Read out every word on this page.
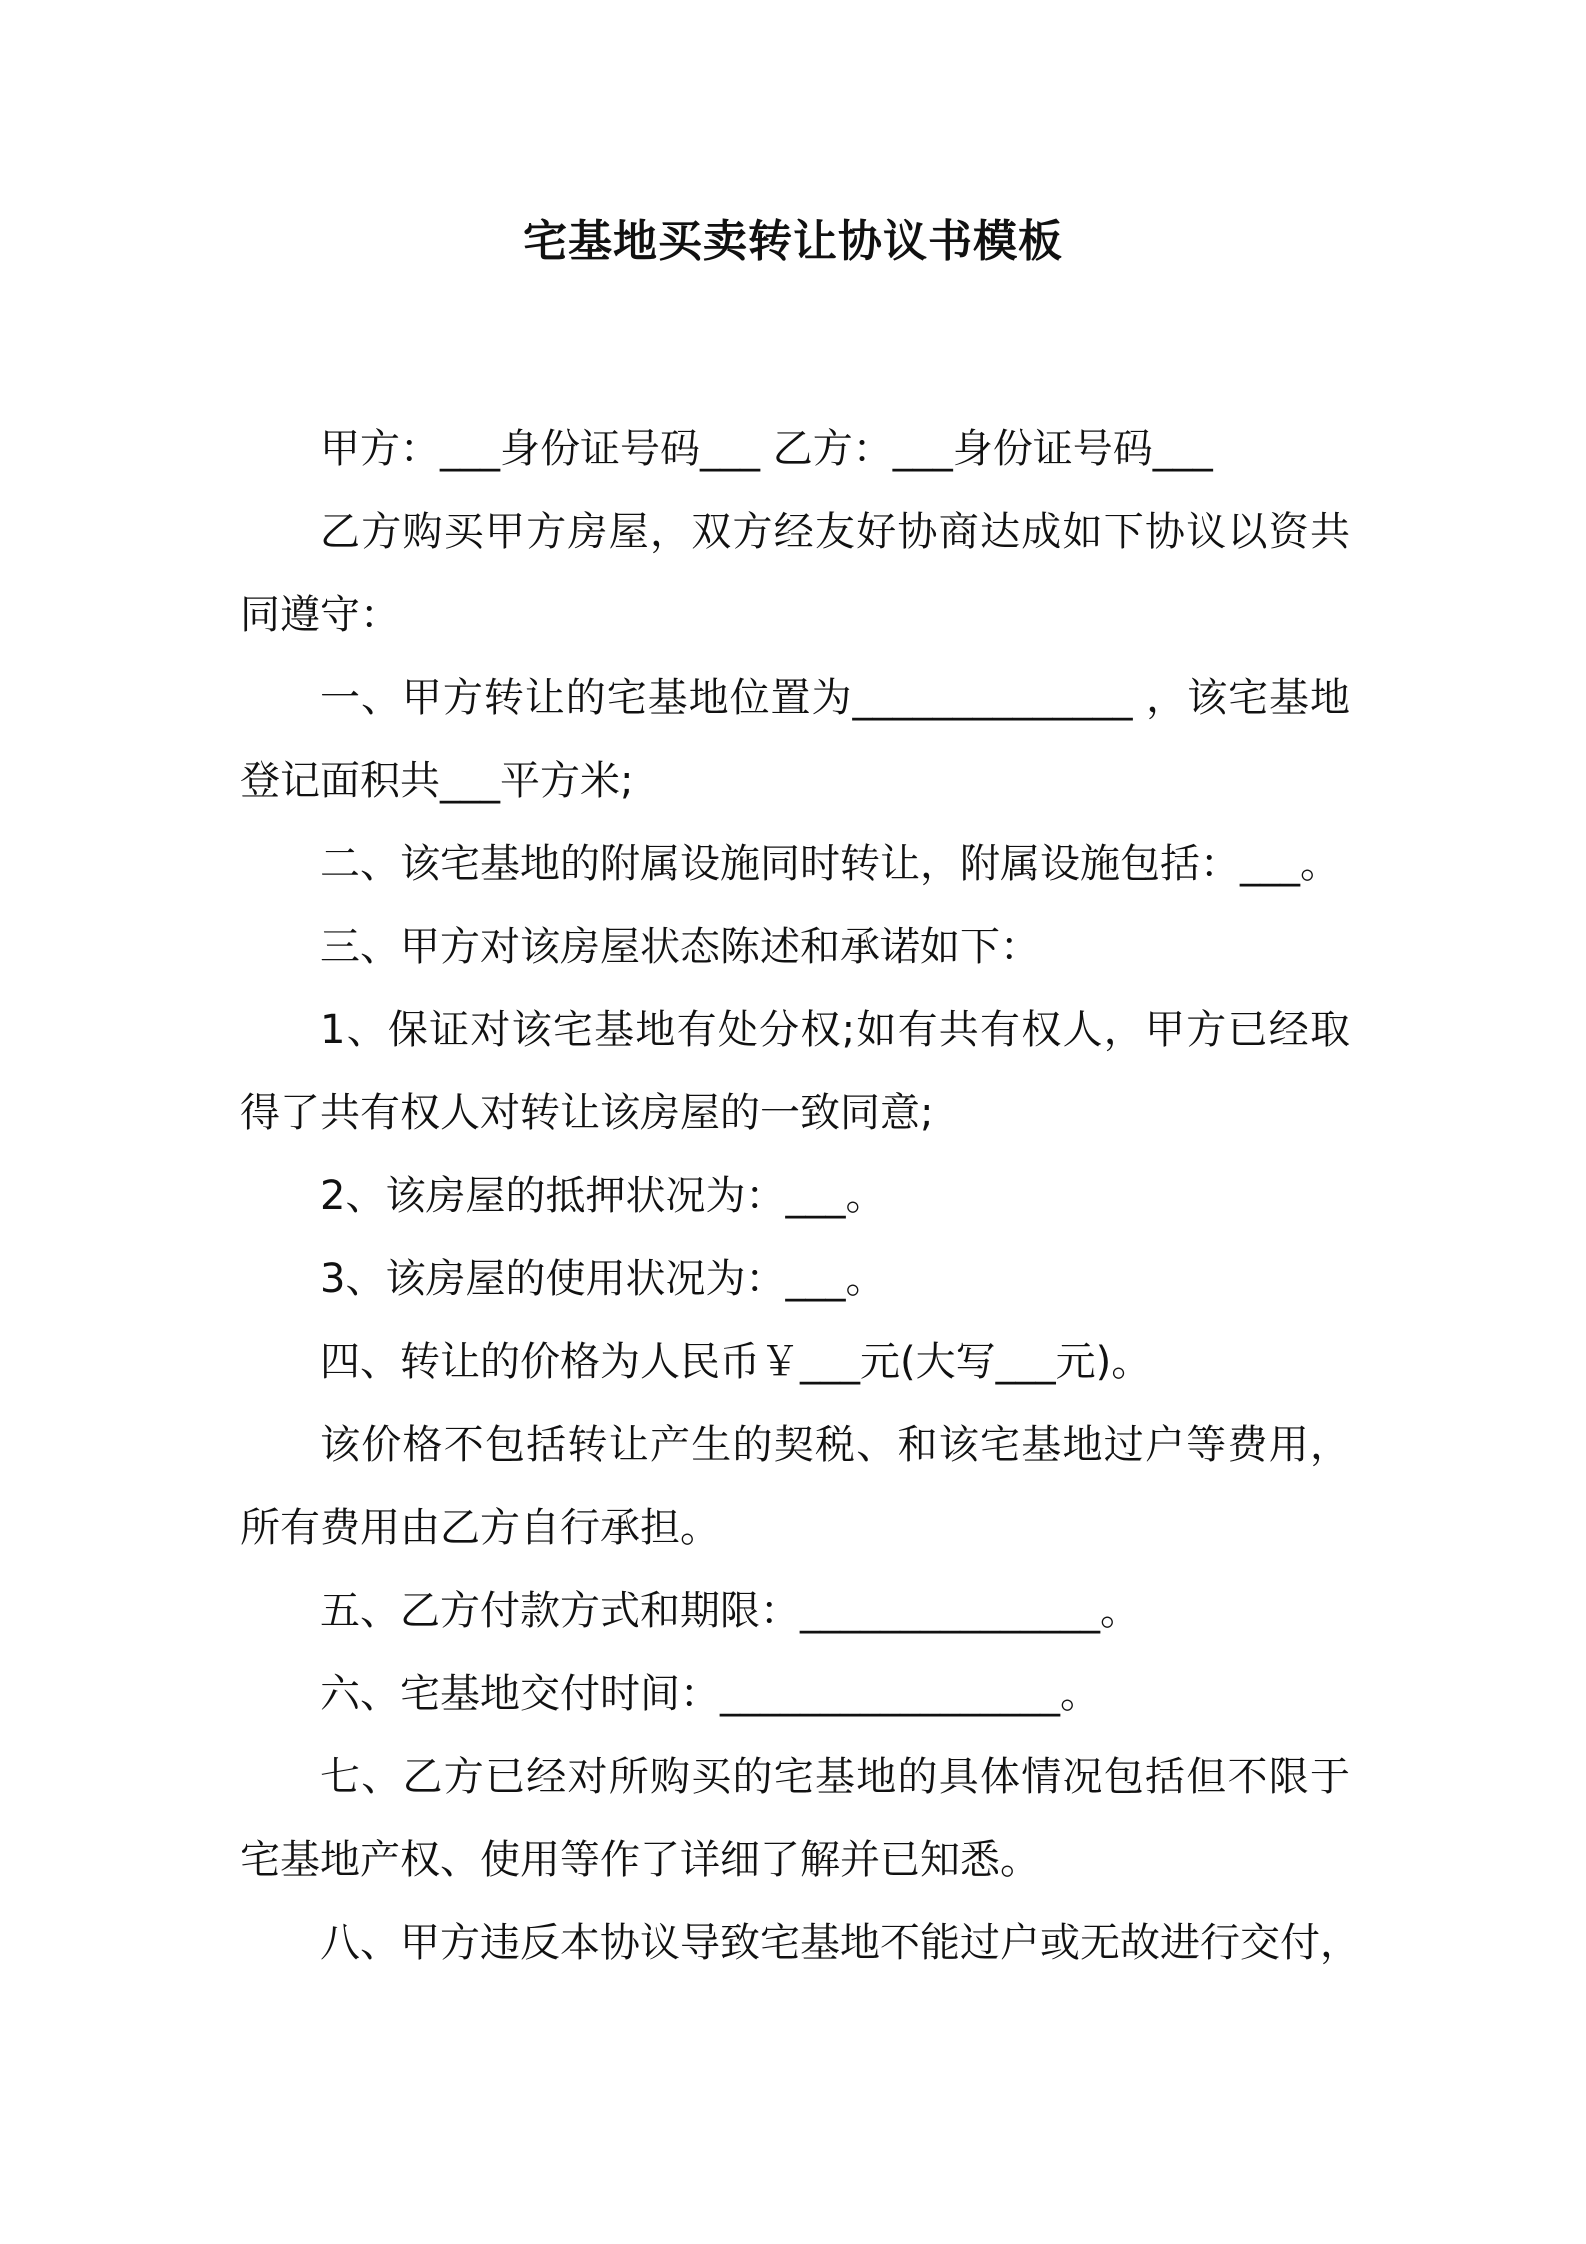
宅基地买卖转让协议书模板

甲方：___身份证号码___ 乙方：___身份证号码___

乙方购买甲方房屋，双方经友好协商达成如下协议以资共同遵守：

一、甲方转让的宅基地位置为______________ ，该宅基地登记面积共___平方米;

二、该宅基地的附属设施同时转让，附属设施包括：___。

三、甲方对该房屋状态陈述和承诺如下：

1、保证对该宅基地有处分权;如有共有权人，甲方已经取得了共有权人对转让该房屋的一致同意;

2、该房屋的抵押状况为：___。

3、该房屋的使用状况为：___。

四、转让的价格为人民币￥___元(大写___元)。

该价格不包括转让产生的契税、和该宅基地过户等费用，所有费用由乙方自行承担。

五、乙方付款方式和期限：_______________。

六、宅基地交付时间：_________________。

七、乙方已经对所购买的宅基地的具体情况包括但不限于宅基地产权、使用等作了详细了解并已知悉。

八、甲方违反本协议导致宅基地不能过户或无故进行交付，
